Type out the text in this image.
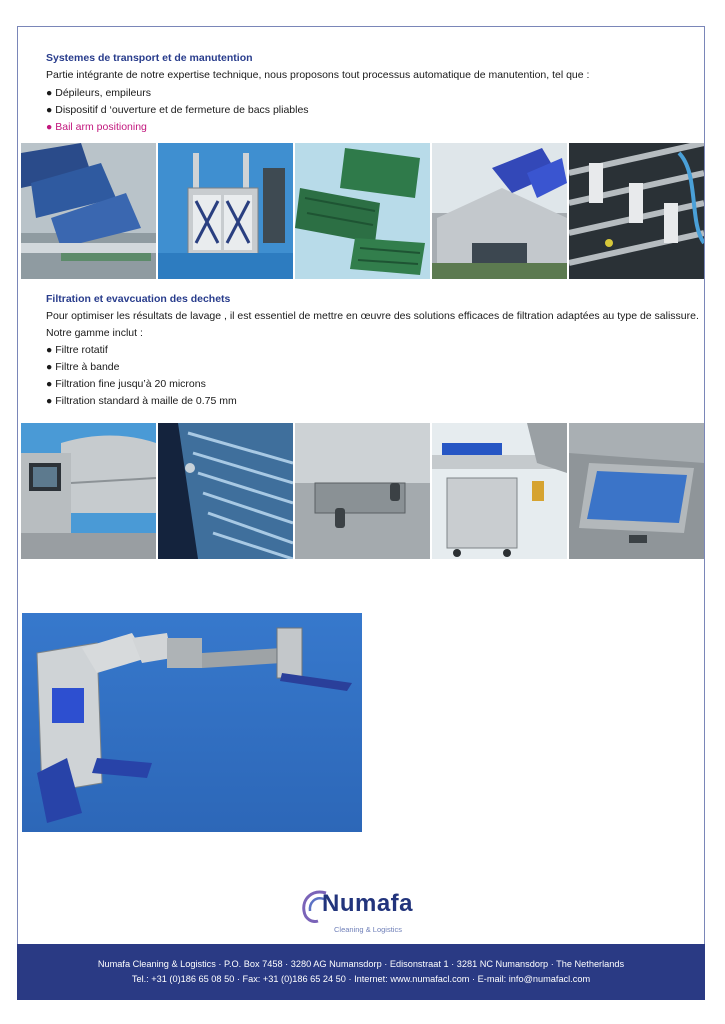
Systemes de transport et de manutention
Partie intégrante de notre expertise technique, nous proposons tout processus automatique de manutention, tel que :
● Dépileurs, empileurs
● Dispositif d ‘ouverture et de fermeture de bacs pliables
● Bail arm positioning
Filtration et evavcuation des dechets
Pour optimiser les résultats de lavage , il est essentiel de mettre en œuvre des solutions efficaces de filtration adaptées au type de salissure.
Notre gamme inclut :
● Filtre rotatif
● Filtre à bande
● Filtration fine jusqu’à 20 microns
● Filtration standard à maille de 0.75 mm
Numafa
Cleaning & Logistics
Numafa Cleaning & Logistics · P.O. Box 7458 · 3280 AG Numansdorp · Edisonstraat 1 · 3281 NC Numansdorp · The Netherlands
Tel.: +31 (0)186 65 08 50 · Fax: +31 (0)186 65 24 50 · Internet: www.numafacl.com · E-mail: info@numafacl.com
